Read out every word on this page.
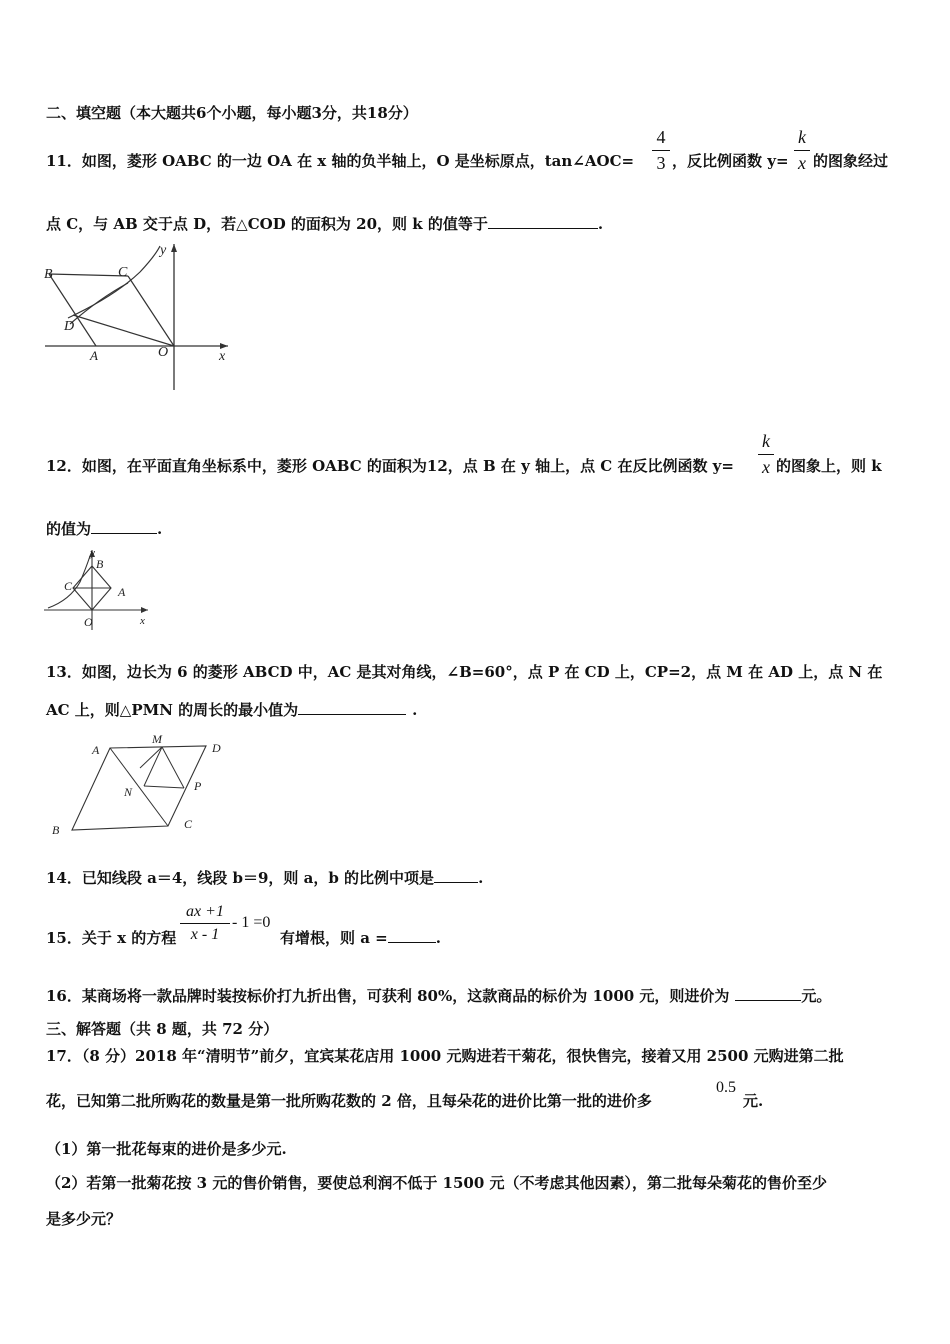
二、填空题（本大题共6个小题，每小题3分，共18分）
11．如图，菱形 OABC 的一边 OA 在 x 轴的负半轴上，O 是坐标原点，tan∠AOC=
4
3 ，反比例函数 y=
k
x 的图象经过
点 C，与 AB 交于点 D，若△COD 的面积为 20，则 k 的值等于	.
B	C
D
A	O	x
y
12．如图，在平面直角坐标系中，菱形 OABC 的面积为12，点 B 在 y 轴上，点 C 在反比例函数 y=
k
x 的图象上，则 k
的值为	.
y
B
C	A
O	x
13．如图，边长为 6 的菱形 ABCD 中，AC 是其对角线，∠B=60°，点 P 在 CD 上，CP=2，点 M 在 AD 上，点 N 在
AC 上，则△PMN 的周长的最小值为	.
A
M
D
N	P
B	C
14．已知线段 a＝4，线段 b＝9，则 a，b 的比例中项是	.
15．关于 x 的方程
ax +1
x - 1
- 1 =0
有增根，则 a =	.
16．某商场将一款品牌时装按标价打九折出售，可获利 80%，这款商品的标价为 1000 元，则进价为	元。
三、解答题（共 8 题，共 72 分）
17．（8 分）2018 年“清明节”前夕，宜宾某花店用 1000 元购进若干菊花，很快售完，接着又用 2500 元购进第二批
花，已知第二批所购花的数量是第一批所购花数的 2 倍，且每朵花的进价比第一批的进价多
0.5
元.
（1）第一批花每束的进价是多少元.
（2）若第一批菊花按 3 元的售价销售，要使总利润不低于 1500 元（不考虑其他因素），第二批每朵菊花的售价至少
是多少元？
